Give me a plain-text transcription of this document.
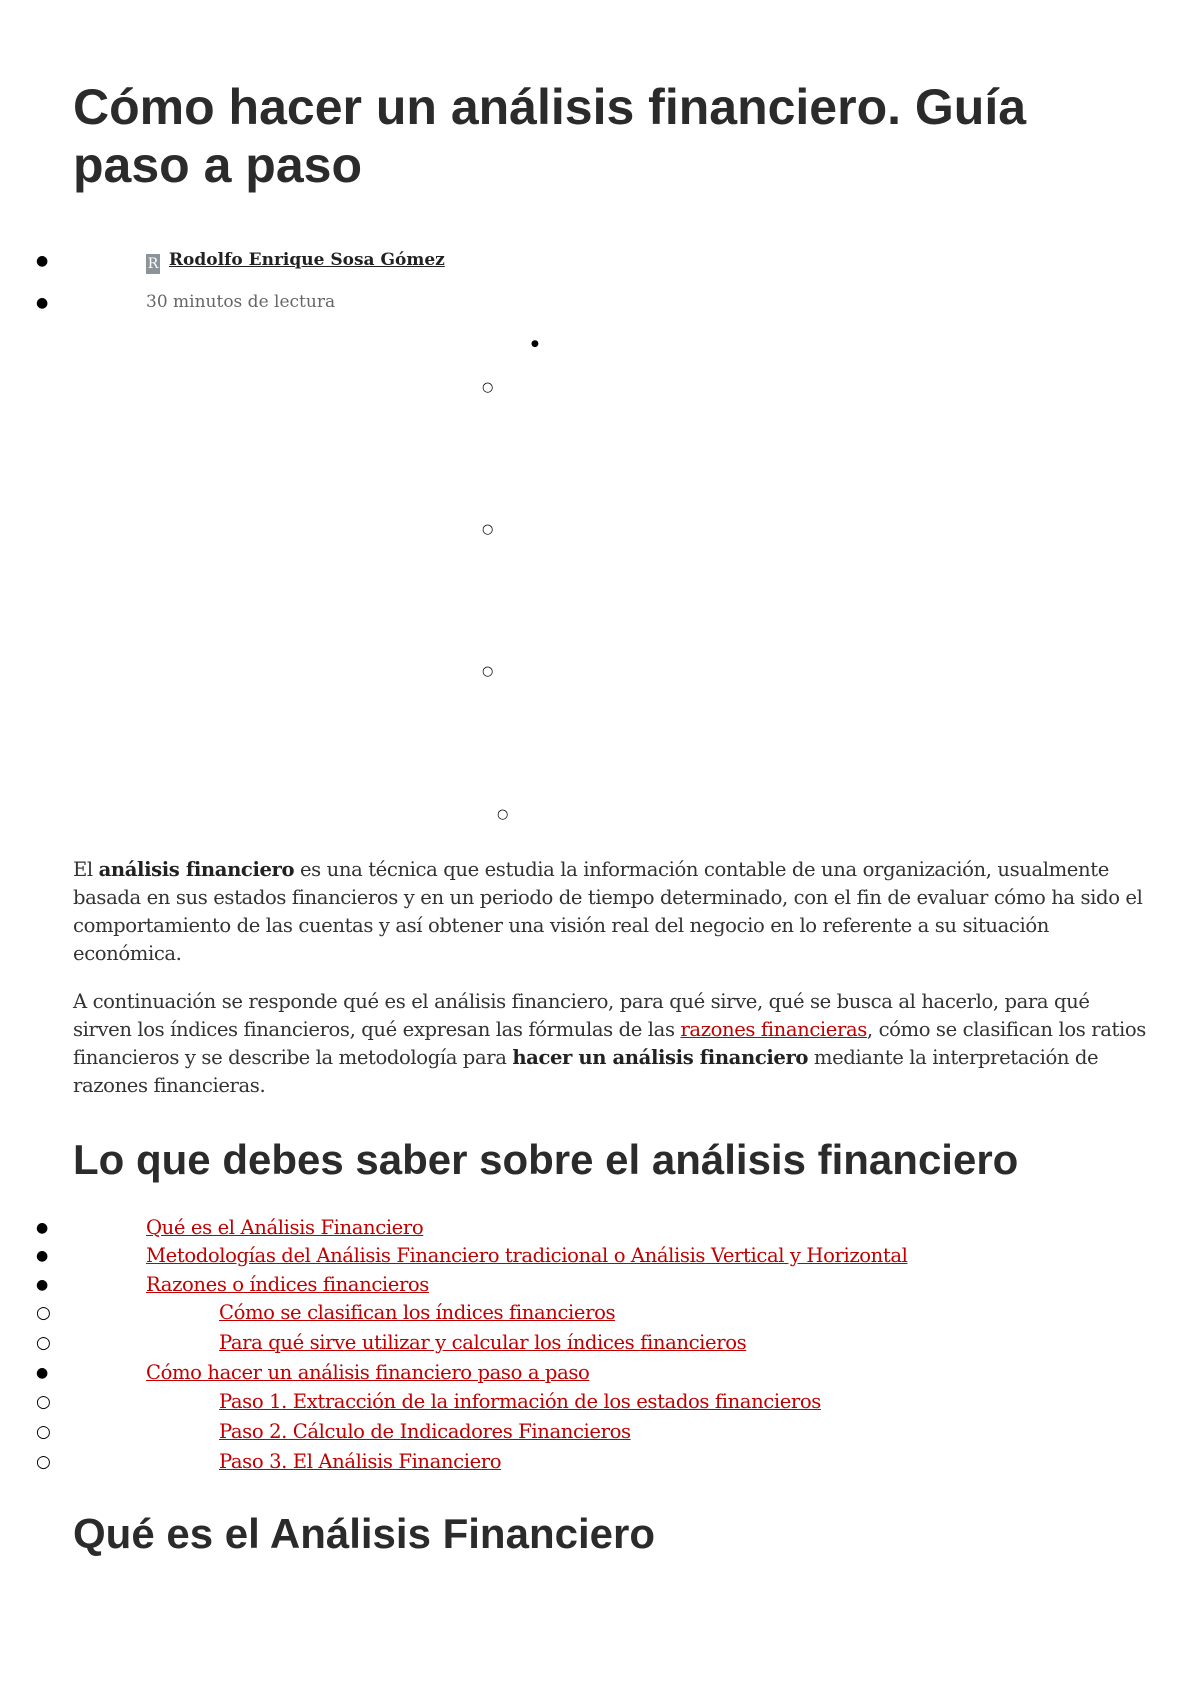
Cómo hacer un análisis financiero. Guía paso a paso
●	R Rodolfo Enrique Sosa Gómez
●	30 minutos de lectura
●
○
○
○
○

El análisis financiero es una técnica que estudia la información contable de una organización, usualmente basada en sus estados financieros y en un periodo de tiempo determinado, con el fin de evaluar cómo ha sido el comportamiento de las cuentas y así obtener una visión real del negocio en lo referente a su situación económica.

A continuación se responde qué es el análisis financiero, para qué sirve, qué se busca al hacerlo, para qué sirven los índices financieros, qué expresan las fórmulas de las razones financieras, cómo se clasifican los ratios financieros y se describe la metodología para hacer un análisis financiero mediante la interpretación de razones financieras.

Lo que debes saber sobre el análisis financiero
●	Qué es el Análisis Financiero
●	Metodologías del Análisis Financiero tradicional o Análisis Vertical y Horizontal
●	Razones o índices financieros
○	Cómo se clasifican los índices financieros
○	Para qué sirve utilizar y calcular los índices financieros
●	Cómo hacer un análisis financiero paso a paso
○	Paso 1. Extracción de la información de los estados financieros
○	Paso 2. Cálculo de Indicadores Financieros
○	Paso 3. El Análisis Financiero
Qué es el Análisis Financiero
